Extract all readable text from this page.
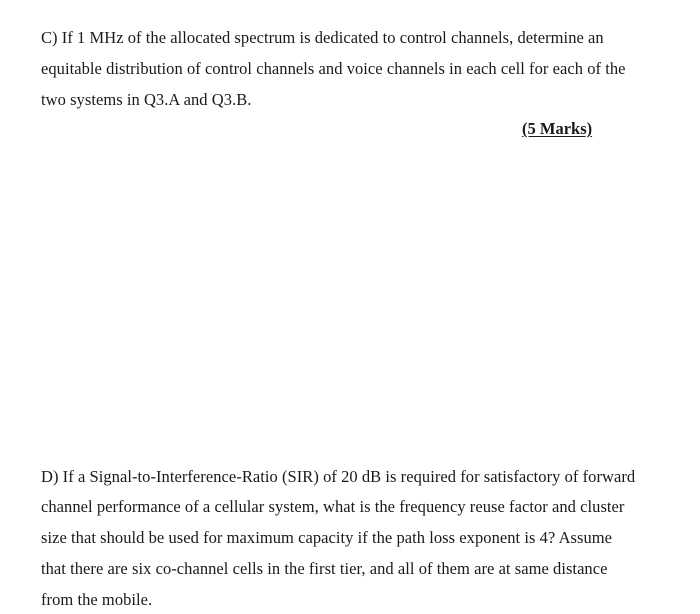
C) If 1 MHz of the allocated spectrum is dedicated to control channels, determine an
equitable distribution of control channels and voice channels in each cell for each of the
two systems in Q3.A and Q3.B.
(5 Marks)
D) If a Signal-to-Interference-Ratio (SIR) of 20 dB is required for satisfactory of forward
channel performance of a cellular system, what is the frequency reuse factor and cluster
size that should be used for maximum capacity if the path loss exponent is 4? Assume
that there are six co-channel cells in the first tier, and all of them are at same distance
from the mobile.
